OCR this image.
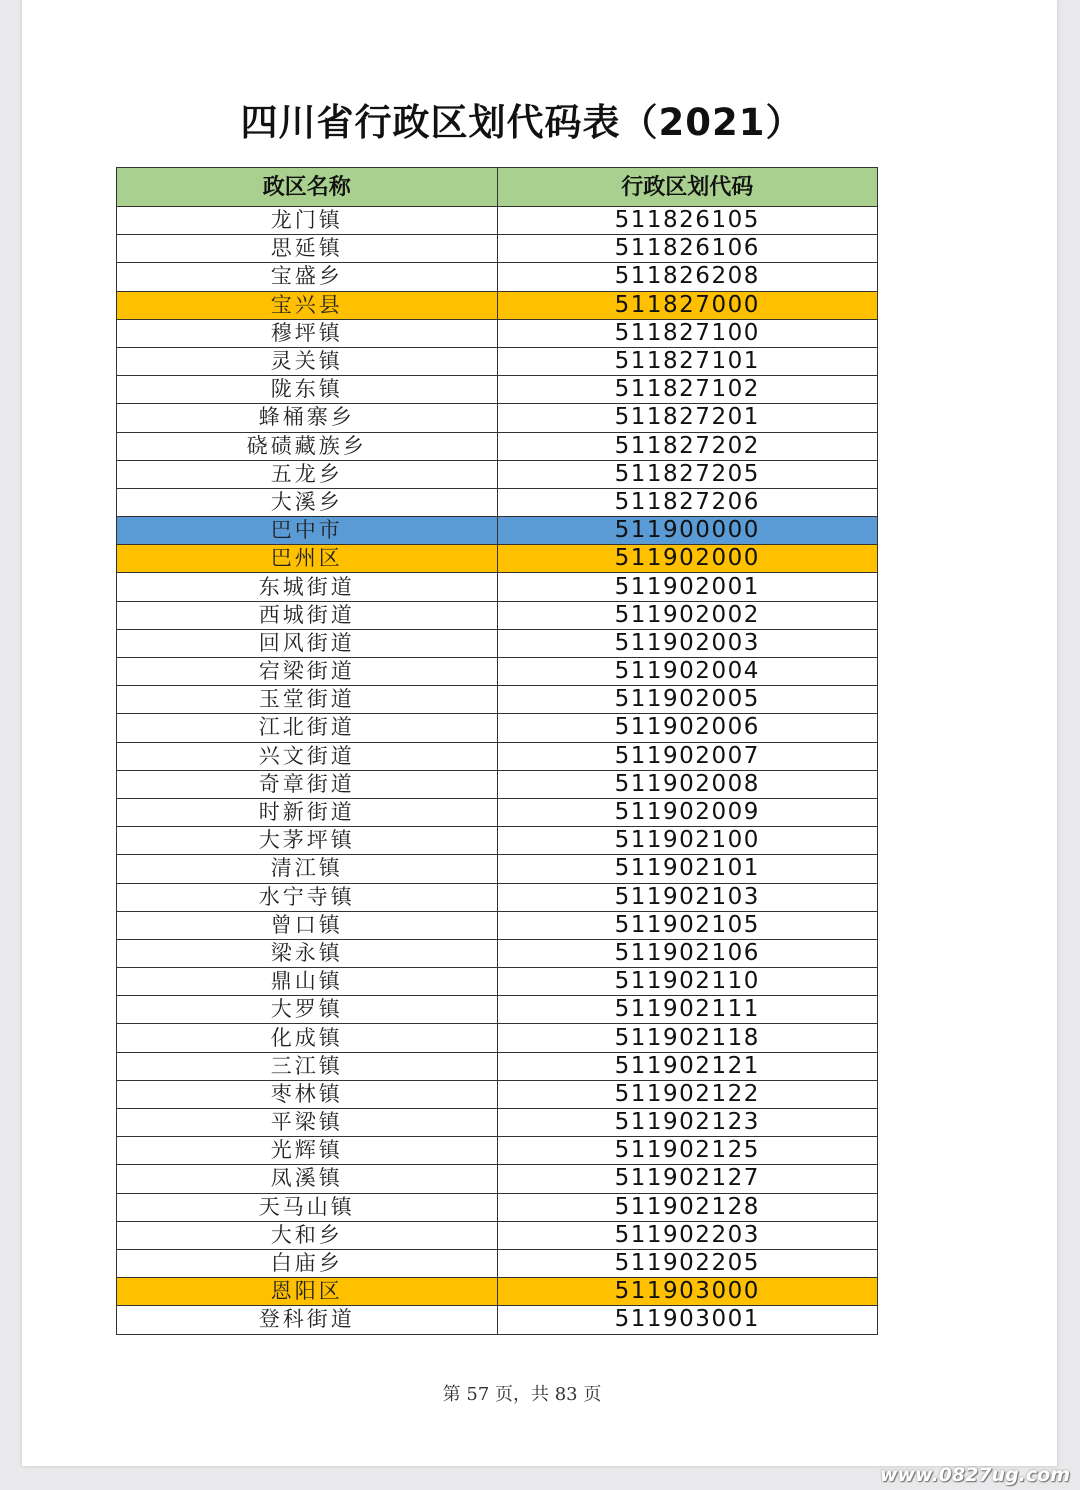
四川省行政区划代码表（2021）
政区名称	行政区划代码
龙门镇	511826105
思延镇	511826106
宝盛乡	511826208
宝兴县	511827000
穆坪镇	511827100
灵关镇	511827101
陇东镇	511827102
蜂桶寨乡	511827201
硗碛藏族乡	511827202
五龙乡	511827205
大溪乡	511827206
巴中市	511900000
巴州区	511902000
东城街道	511902001
西城街道	511902002
回风街道	511902003
宕梁街道	511902004
玉堂街道	511902005
江北街道	511902006
兴文街道	511902007
奇章街道	511902008
时新街道	511902009
大茅坪镇	511902100
清江镇	511902101
水宁寺镇	511902103
曾口镇	511902105
梁永镇	511902106
鼎山镇	511902110
大罗镇	511902111
化成镇	511902118
三江镇	511902121
枣林镇	511902122
平梁镇	511902123
光辉镇	511902125
凤溪镇	511902127
天马山镇	511902128
大和乡	511902203
白庙乡	511902205
恩阳区	511903000
登科街道	511903001
第 57 页，共 83 页
www.0827ug.com
